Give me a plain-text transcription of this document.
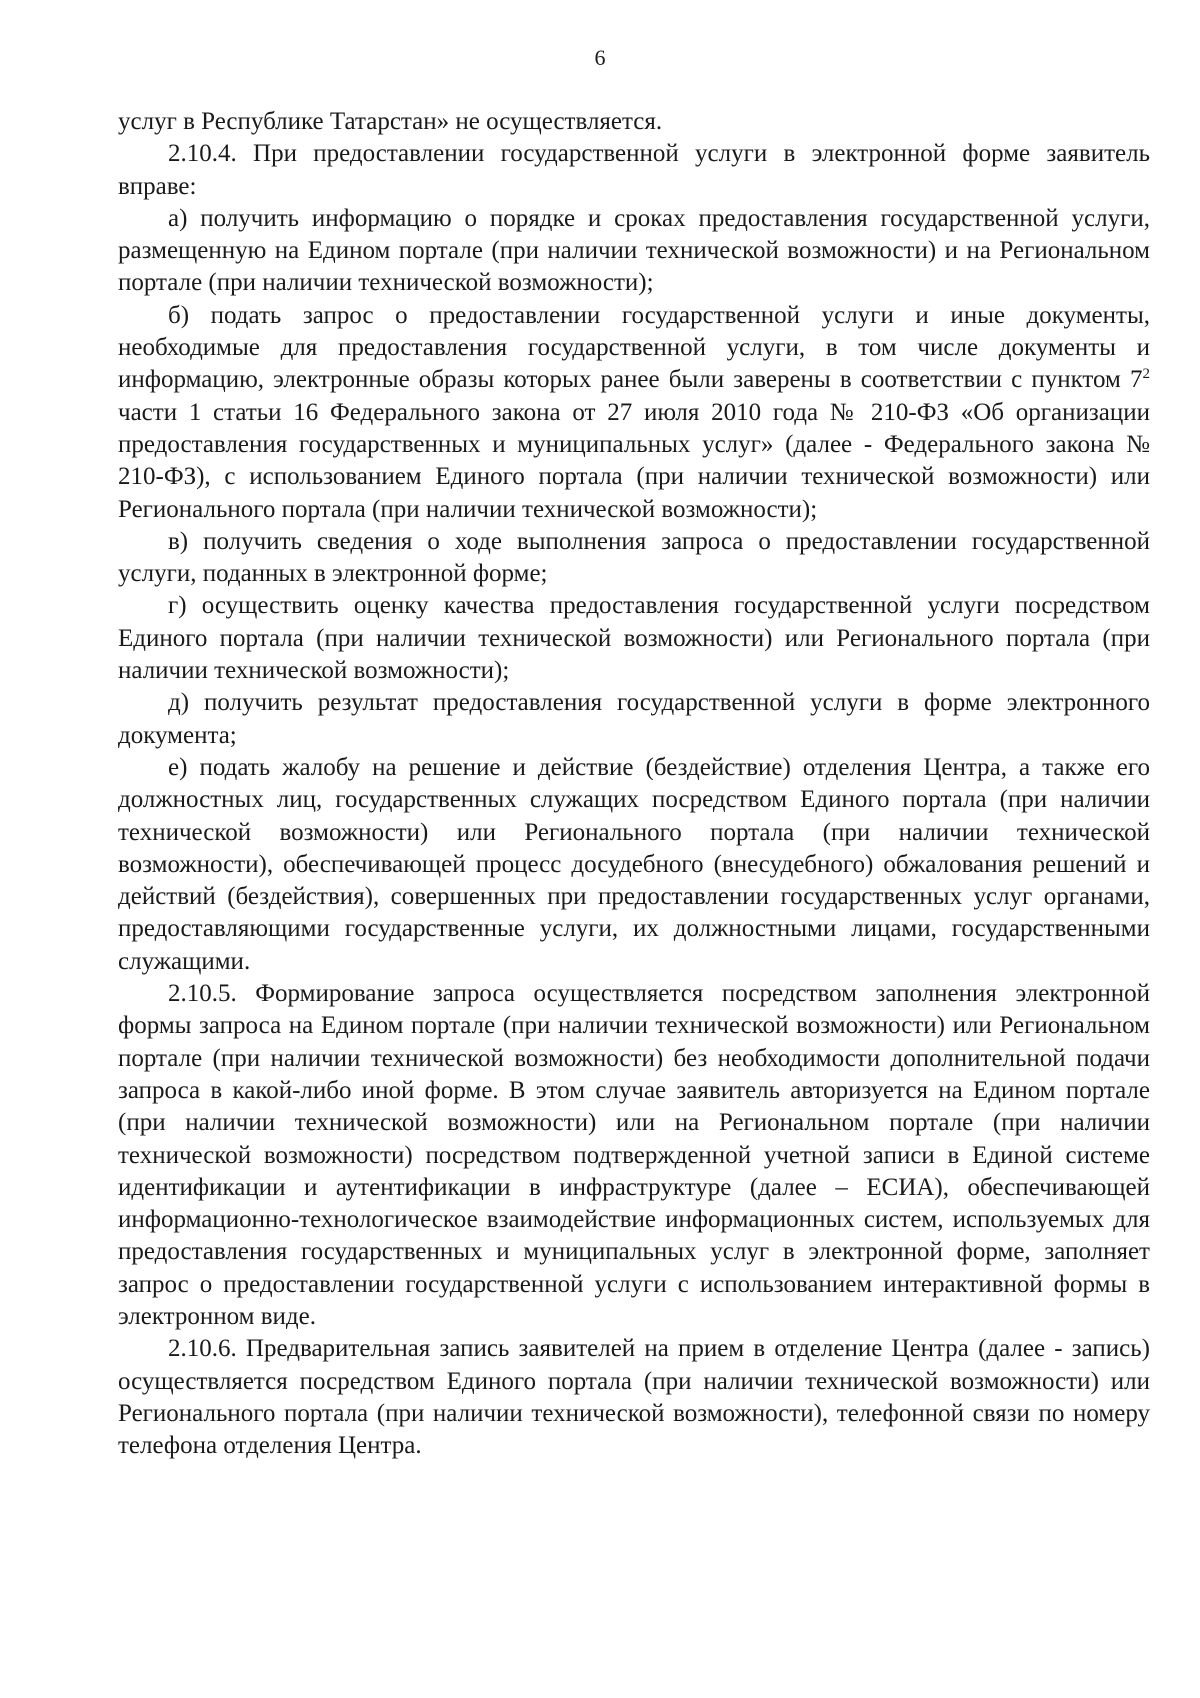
6

услуг в Республике Татарстан» не осуществляется.

2.10.4. При предоставлении государственной услуги в электронной форме заявитель вправе:

а) получить информацию о порядке и сроках предоставления государственной услуги, размещенную на Едином портале (при наличии технической возможности) и на Региональном портале (при наличии технической возможности);

б) подать запрос о предоставлении государственной услуги и иные документы, необходимые для предоставления государственной услуги, в том числе документы и информацию, электронные образы которых ранее были заверены в соответствии с пунктом $7^2$ части 1 статьи 16 Федерального закона от 27 июля 2010 года № 210-ФЗ «Об организации предоставления государственных и муниципальных услуг» (далее - Федерального закона № 210-ФЗ), с использованием Единого портала (при наличии технической возможности) или Регионального портала (при наличии технической возможности);

в) получить сведения о ходе выполнения запроса о предоставлении государственной услуги, поданных в электронной форме;

г) осуществить оценку качества предоставления государственной услуги посредством Единого портала (при наличии технической возможности) или Регионального портала (при наличии технической возможности);

д) получить результат предоставления государственной услуги в форме электронного документа;

е) подать жалобу на решение и действие (бездействие) отделения Центра, а также его должностных лиц, государственных служащих посредством Единого портала (при наличии технической возможности) или Регионального портала (при наличии технической возможности), обеспечивающей процесс досудебного (внесудебного) обжалования решений и действий (бездействия), совершенных при предоставлении государственных услуг органами, предоставляющими государственные услуги, их должностными лицами, государственными служащими.

2.10.5. Формирование запроса осуществляется посредством заполнения электронной формы запроса на Едином портале (при наличии технической возможности) или Региональном портале (при наличии технической возможности) без необходимости дополнительной подачи запроса в какой-либо иной форме. В этом случае заявитель авторизуется на Едином портале (при наличии технической возможности) или на Региональном портале (при наличии технической возможности) посредством подтвержденной учетной записи в Единой системе идентификации и аутентификации в инфраструктуре (далее – ЕСИА), обеспечивающей информационно-технологическое взаимодействие информационных систем, используемых для предоставления государственных и муниципальных услуг в электронной форме, заполняет запрос о предоставлении государственной услуги с использованием интерактивной формы в электронном виде.

2.10.6. Предварительная запись заявителей на прием в отделение Центра (далее - запись) осуществляется посредством Единого портала (при наличии технической возможности) или Регионального портала (при наличии технической возможности), телефонной связи по номеру телефона отделения Центра.
